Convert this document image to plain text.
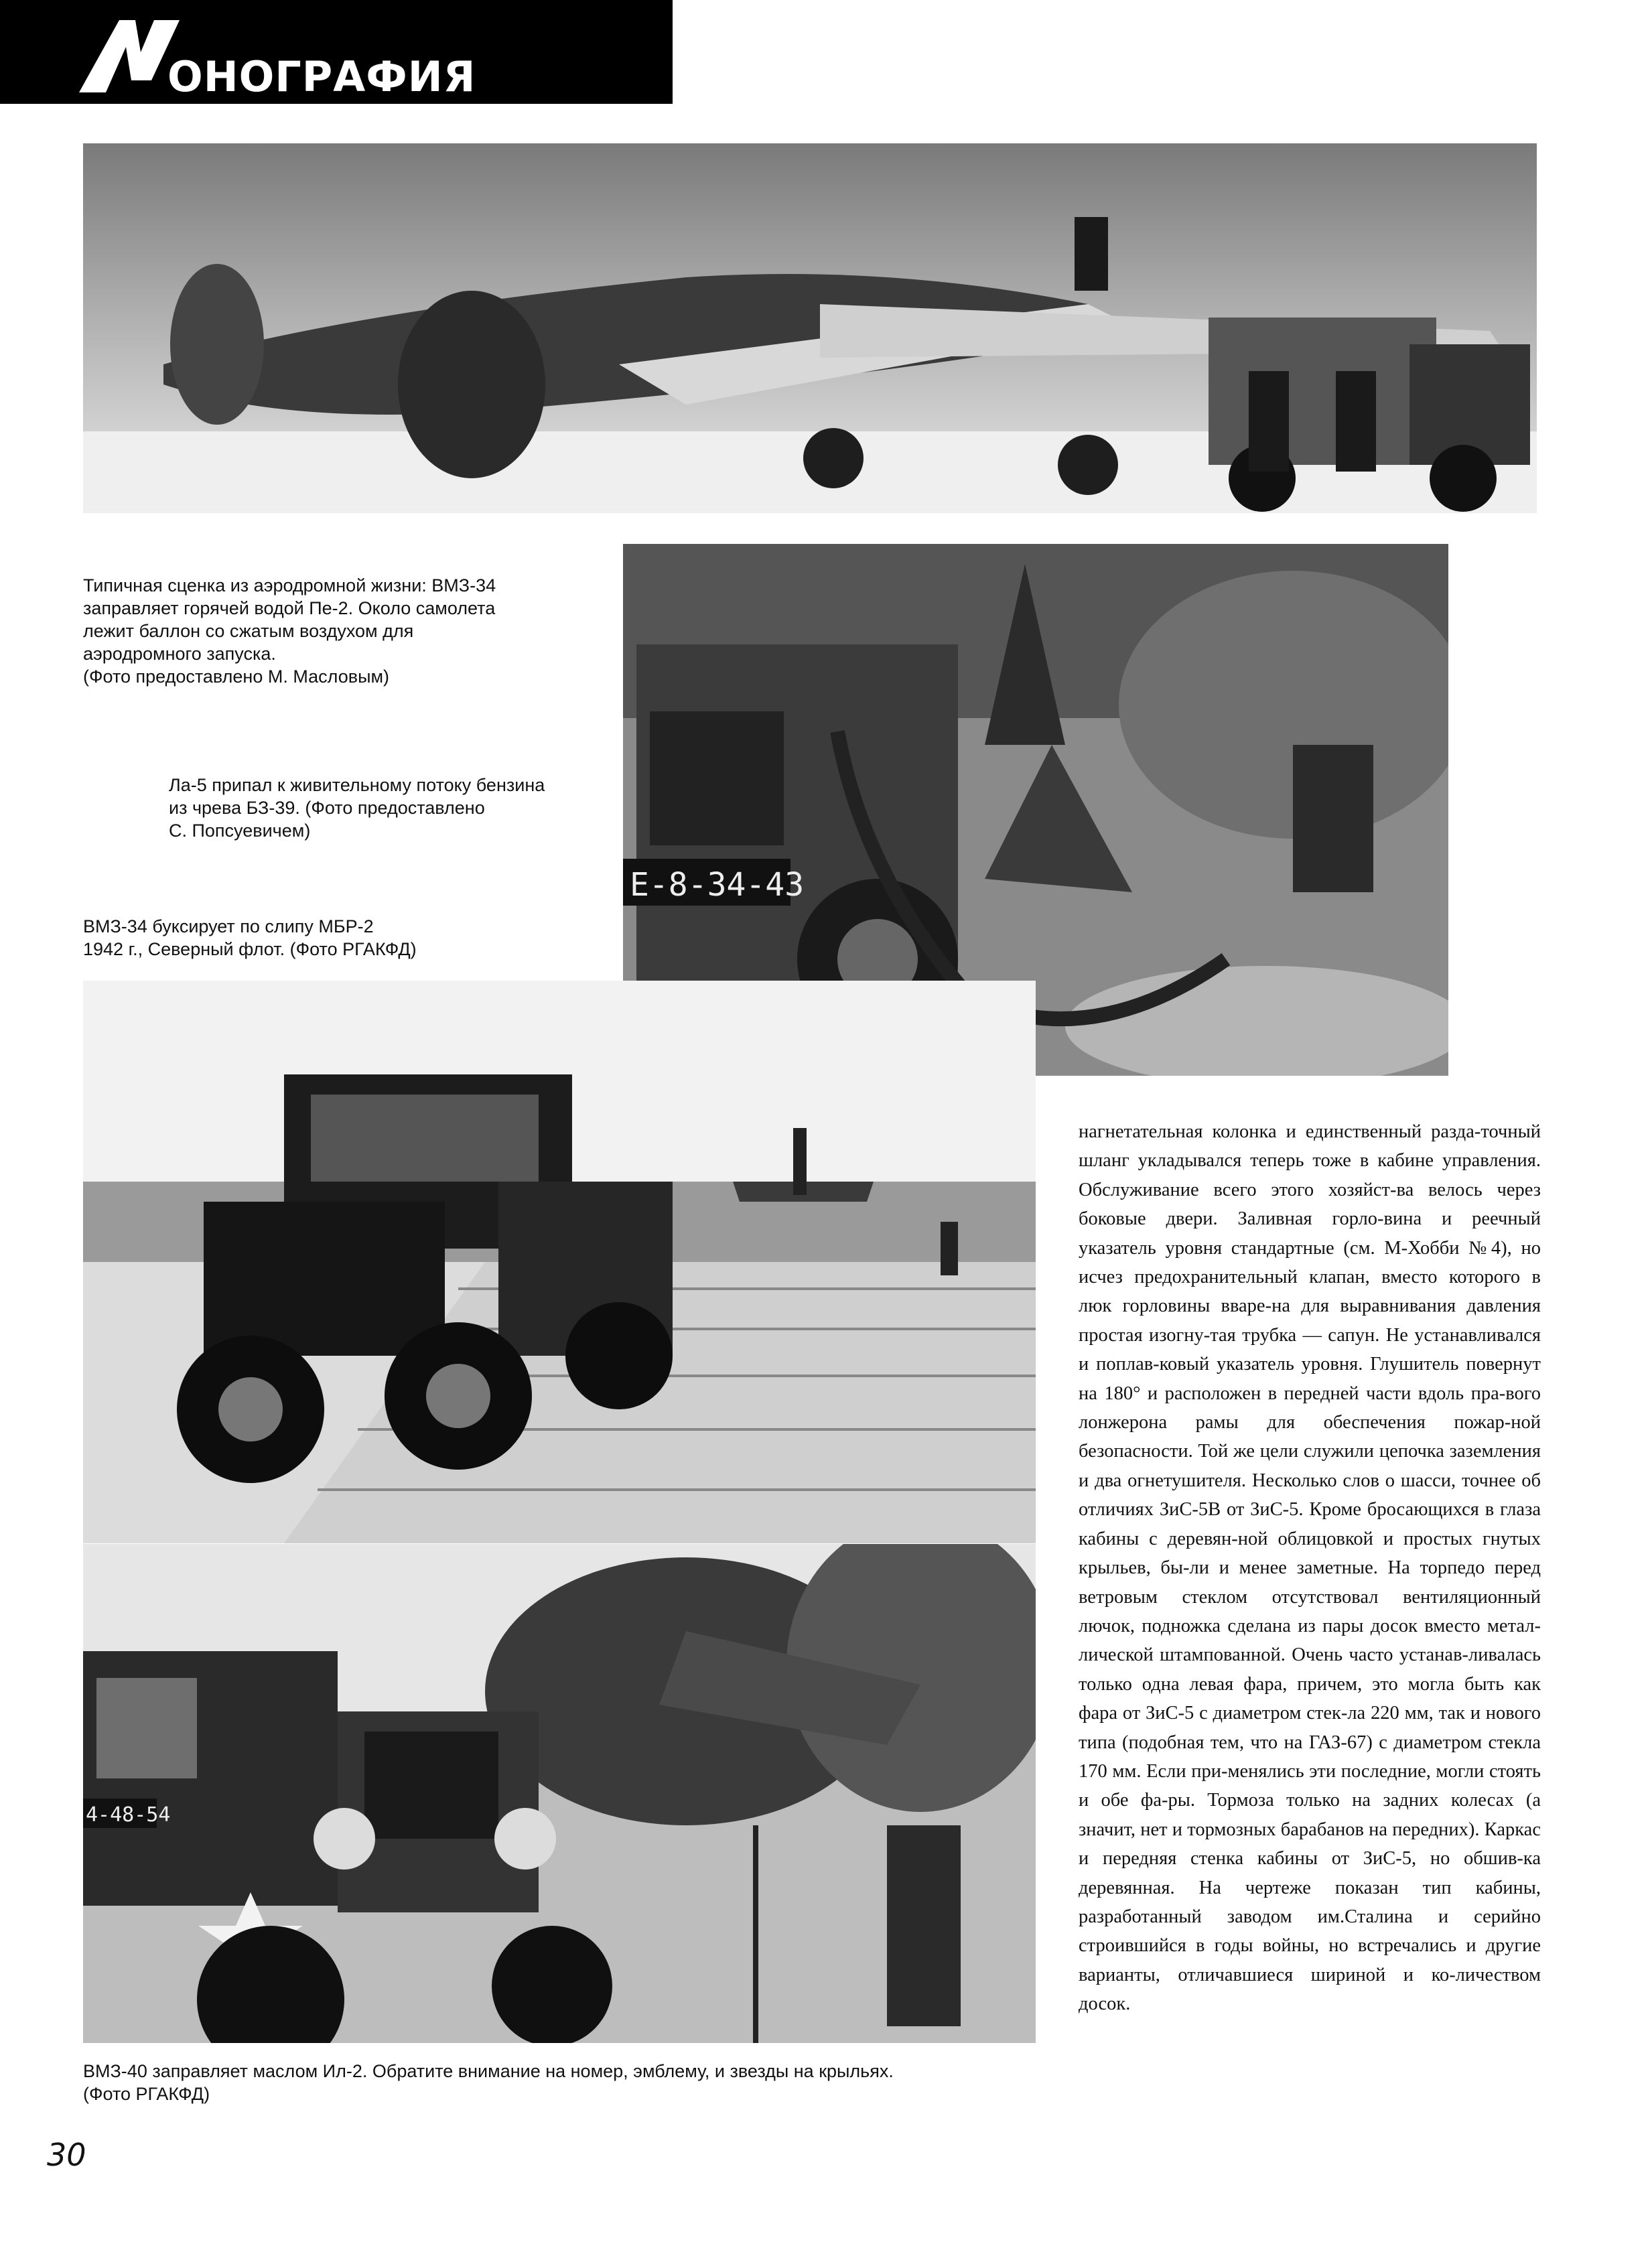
ОНОГРАФИЯ
Е-8-34-43
4-48-54
Типичная сценка из аэродромной жизни: ВМЗ-34
заправляет горячей водой Пе-2. Около самолета
лежит баллон со сжатым воздухом для
аэродромного запуска.
(Фото предоставлено М. Масловым)
Ла-5 припал к живительному потоку бензина
из чрева БЗ-39. (Фото предоставлено
С. Попсуевичем)
ВМЗ-34 буксирует по слипу МБР-2
1942 г., Северный флот. (Фото РГАКФД)
ВМЗ-40 заправляет маслом Ил-2. Обратите внимание на номер, эмблему, и звезды на крыльях.
(Фото РГАКФД)
нагнетательная колонка и единственный разда-точный шланг укладывался теперь тоже в кабине управления. Обслуживание всего этого хозяйст-ва велось через боковые двери. Заливная горло-вина и реечный указатель уровня стандартные (см. М-Хобби №4), но исчез предохранительный клапан, вместо которого в люк горловины вваре-на для выравнивания давления простая изогну-тая трубка — сапун. Не устанавливался и поплав-ковый указатель уровня. Глушитель повернут на 180° и расположен в передней части вдоль пра-вого лонжерона рамы для обеспечения пожар-ной безопасности. Той же цели служили цепочка заземления и два огнетушителя. Несколько слов о шасси, точнее об отличиях ЗиС-5В от ЗиС-5. Кроме бросающихся в глаза кабины с деревян-ной облицовкой и простых гнутых крыльев, бы-ли и менее заметные. На торпедо перед ветровым стеклом отсутствовал вентиляционный лючок, подножка сделана из пары досок вместо метал-лической штампованной. Очень часто устанав-ливалась только одна левая фара, причем, это могла быть как фара от ЗиС-5 с диаметром стек-ла 220 мм, так и нового типа (подобная тем, что на ГАЗ-67) с диаметром стекла 170 мм. Если при-менялись эти последние, могли стоять и обе фа-ры. Тормоза только на задних колесах (а значит, нет и тормозных барабанов на передних). Каркас и передняя стенка кабины от ЗиС-5, но обшив-ка деревянная. На чертеже показан тип кабины, разработанный заводом им.Сталина и серийно строившийся в годы войны, но встречались и другие варианты, отличавшиеся шириной и ко-личеством досок.
30
